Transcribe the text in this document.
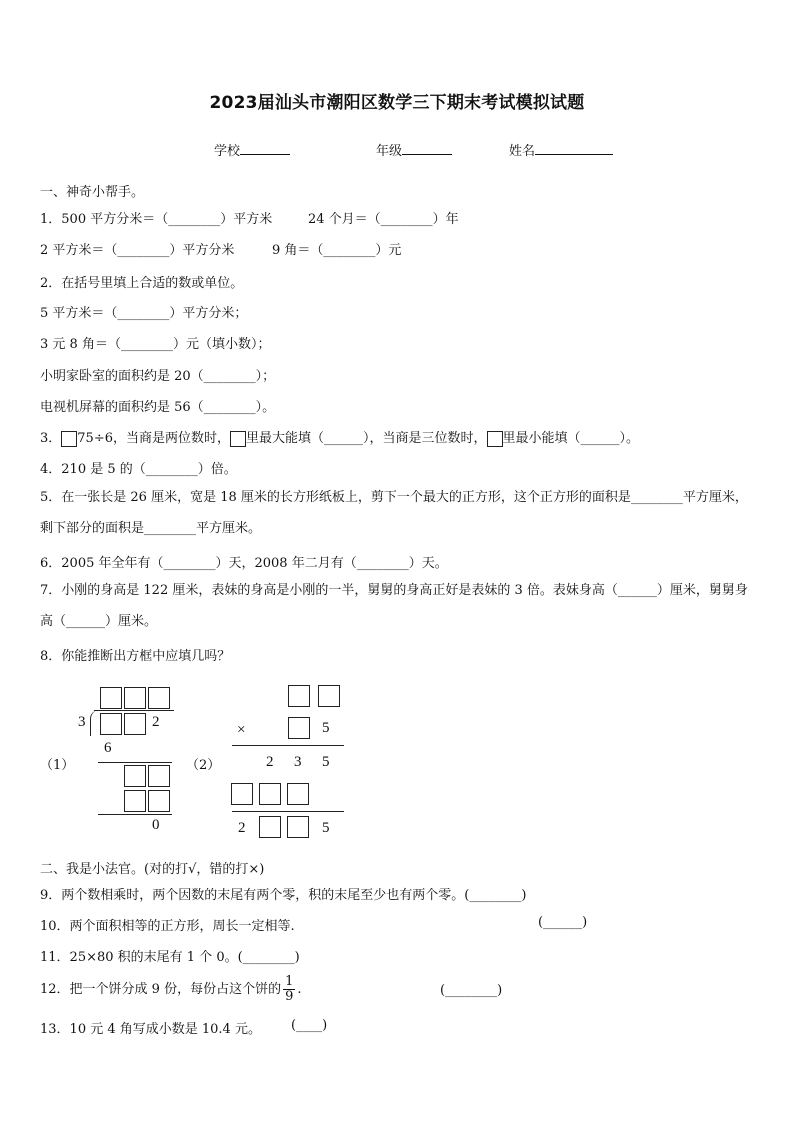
2023届汕头市潮阳区数学三下期末考试模拟试题
学校	年级	姓名
一、神奇小帮手。
1．500 平方分米＝（________）平方米	24 个月＝（________）年
2 平方米＝（________）平方分米	9 角＝（________）元
2．在括号里填上合适的数或单位。
5 平方米＝（________）平方分米；
3 元 8 角＝（________）元（填小数）；
小明家卧室的面积约是 20（________）；
电视机屏幕的面积约是 56（________）。
3． 75÷6，当商是两位数时， 里最大能填（______），当商是三位数时， 里最小能填（______）。
4．210 是 5 的（________）倍。
5．在一张长是 26 厘米，宽是 18 厘米的长方形纸板上，剪下一个最大的正方形，这个正方形的面积是________平方厘米，剩下部分的面积是________平方厘米。
6．2005 年全年有（________）天，2008 年二月有（________）天。
7．小刚的身高是 122 厘米，表妹的身高是小刚的一半，舅舅的身高正好是表妹的 3 倍。表妹身高（______）厘米，舅舅身高（______）厘米。
8．你能推断出方框中应填几吗？
（1）
3	2
6
0
（2）
×	5
2 3 5
2	5
二、我是小法官。(对的打√，错的打×)
9．两个数相乘时，两个因数的末尾有两个零，积的末尾至少也有两个零。(________)
10．两个面积相等的正方形，周长一定相等.	(______)
11．25×80 积的末尾有 1 个 0。(________)
12．把一个饼分成 9 份，每份占这个饼的 $\frac{1}{9}$ .	(________)
13．10 元 4 角写成小数是 10.4 元。 (____)
